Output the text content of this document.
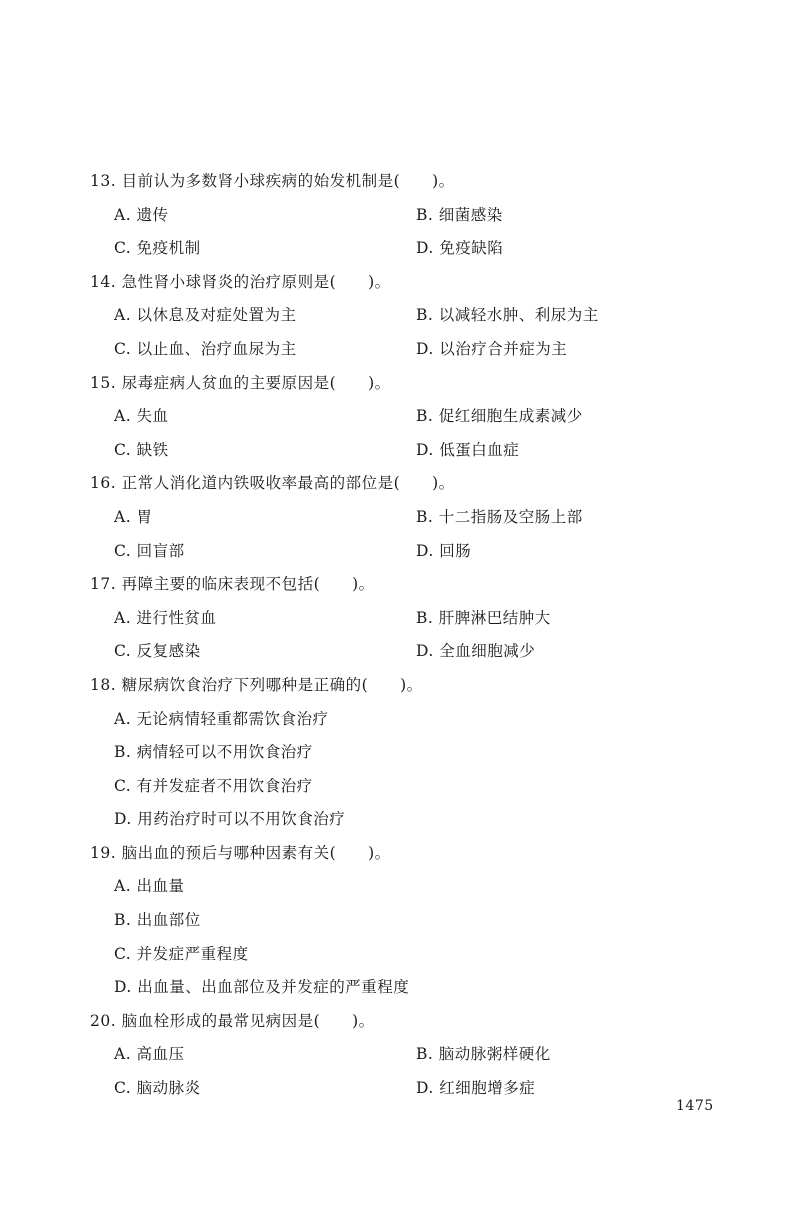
13. 目前认为多数肾小球疾病的始发机制是(　　)。
A. 遗传	B. 细菌感染
C. 免疫机制	D. 免疫缺陷
14. 急性肾小球肾炎的治疗原则是(　　)。
A. 以休息及对症处置为主	B. 以减轻水肿、利尿为主
C. 以止血、治疗血尿为主	D. 以治疗合并症为主
15. 尿毒症病人贫血的主要原因是(　　)。
A. 失血	B. 促红细胞生成素减少
C. 缺铁	D. 低蛋白血症
16. 正常人消化道内铁吸收率最高的部位是(　　)。
A. 胃	B. 十二指肠及空肠上部
C. 回盲部	D. 回肠
17. 再障主要的临床表现不包括(　　)。
A. 进行性贫血	B. 肝脾淋巴结肿大
C. 反复感染	D. 全血细胞减少
18. 糖尿病饮食治疗下列哪种是正确的(　　)。
A. 无论病情轻重都需饮食治疗
B. 病情轻可以不用饮食治疗
C. 有并发症者不用饮食治疗
D. 用药治疗时可以不用饮食治疗
19. 脑出血的预后与哪种因素有关(　　)。
A. 出血量
B. 出血部位
C. 并发症严重程度
D. 出血量、出血部位及并发症的严重程度
20. 脑血栓形成的最常见病因是(　　)。
A. 高血压	B. 脑动脉粥样硬化
C. 脑动脉炎	D. 红细胞增多症
1475
